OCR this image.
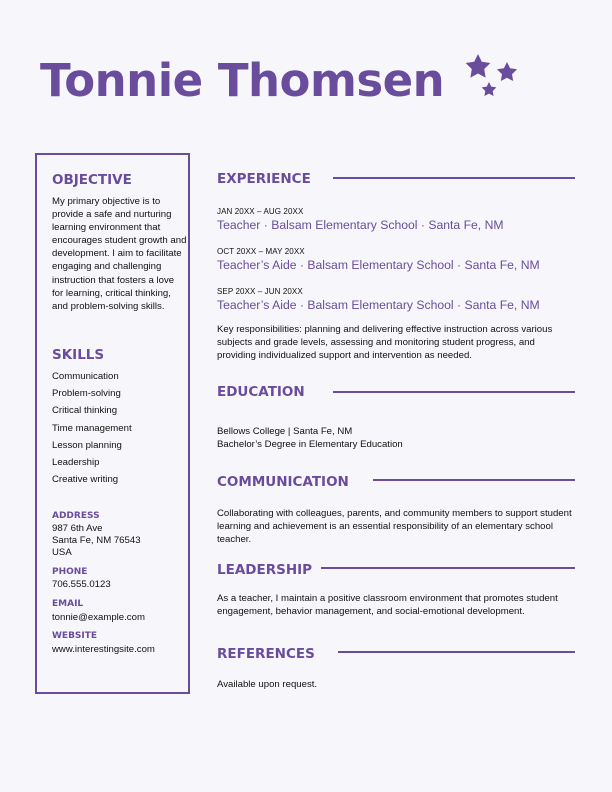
Tonnie Thomsen
OBJECTIVE
My primary objective is to provide a safe and nurturing learning environment that encourages student growth and development. I aim to facilitate engaging and challenging instruction that fosters a love for learning, critical thinking, and problem-solving skills.
SKILLS
Communication
Problem-solving
Critical thinking
Time management
Lesson planning
Leadership
Creative writing
ADDRESS
987 6th Ave
Santa Fe, NM 76543
USA
PHONE
706.555.0123
EMAIL
tonnie@example.com
WEBSITE
www.interestingsite.com
EXPERIENCE
JAN 20XX – AUG 20XX
Teacher · Balsam Elementary School · Santa Fe, NM
OCT 20XX – MAY 20XX
Teacher’s Aide · Balsam Elementary School · Santa Fe, NM
SEP 20XX – JUN 20XX
Teacher’s Aide · Balsam Elementary School · Santa Fe, NM
Key responsibilities: planning and delivering effective instruction across various subjects and grade levels, assessing and monitoring student progress, and providing individualized support and intervention as needed.
EDUCATION
Bellows College | Santa Fe, NM
Bachelor’s Degree in Elementary Education
COMMUNICATION
Collaborating with colleagues, parents, and community members to support student learning and achievement is an essential responsibility of an elementary school teacher.
LEADERSHIP
As a teacher, I maintain a positive classroom environment that promotes student engagement, behavior management, and social-emotional development.
REFERENCES
Available upon request.
